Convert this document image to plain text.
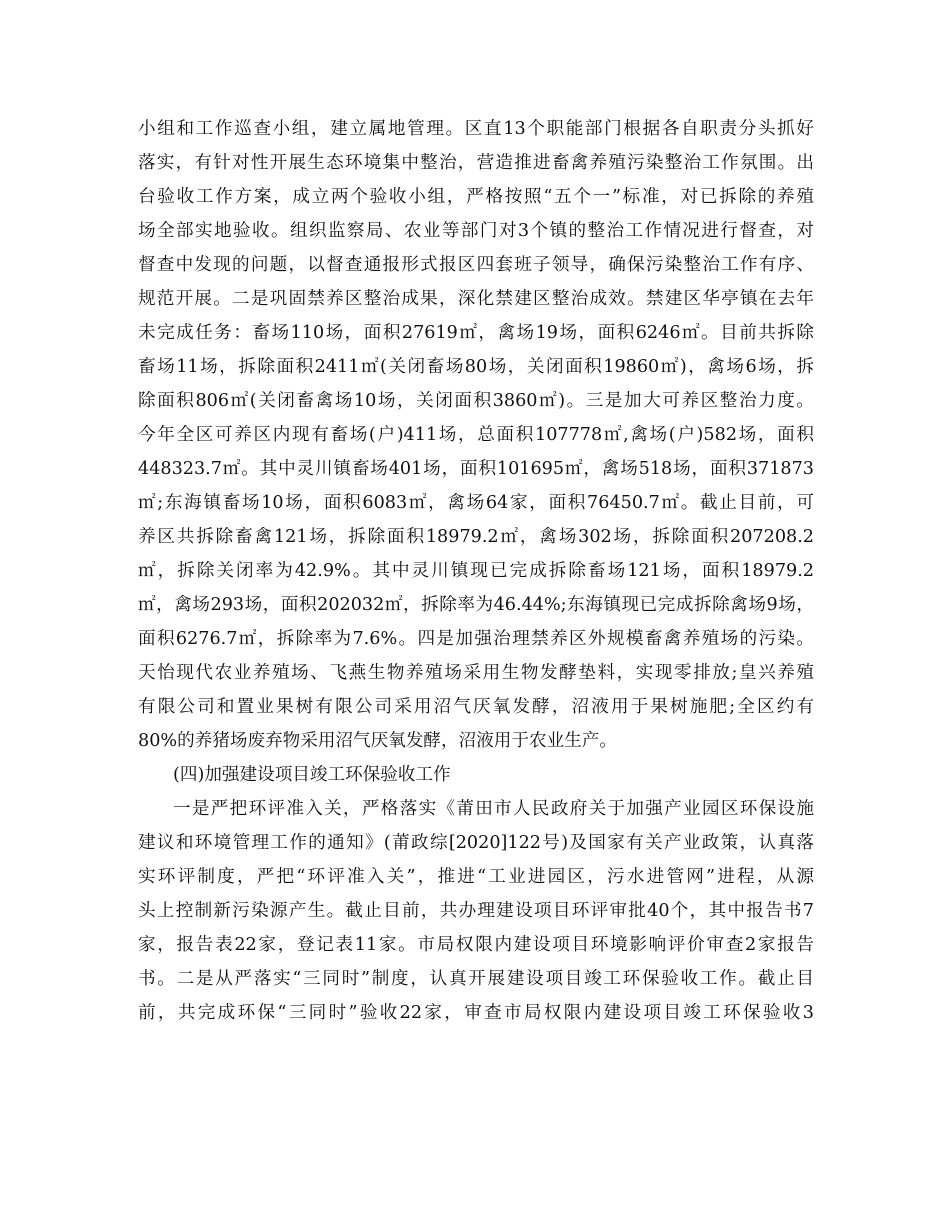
小组和工作巡查小组，建立属地管理。区直13个职能部门根据各自职责分头抓好
落实，有针对性开展生态环境集中整治，营造推进畜禽养殖污染整治工作氛围。出
台验收工作方案，成立两个验收小组，严格按照“五个一”标准，对已拆除的养殖
场全部实地验收。组织监察局、农业等部门对3个镇的整治工作情况进行督查，对
督查中发现的问题，以督查通报形式报区四套班子领导，确保污染整治工作有序、
规范开展。二是巩固禁养区整治成果，深化禁建区整治成效。禁建区华亭镇在去年
未完成任务：畜场110场，面积27619㎡，禽场19场，面积6246㎡。目前共拆除
畜场11场，拆除面积2411㎡(关闭畜场80场，关闭面积19860㎡)，禽场6场，拆
除面积806㎡(关闭畜禽场10场，关闭面积3860㎡)。三是加大可养区整治力度。
今年全区可养区内现有畜场(户)411场，总面积107778㎡,禽场(户)582场，面积
448323.7㎡。其中灵川镇畜场401场，面积101695㎡，禽场518场，面积371873
㎡;东海镇畜场10场，面积6083㎡，禽场64家，面积76450.7㎡。截止目前，可
养区共拆除畜禽121场，拆除面积18979.2㎡，禽场302场，拆除面积207208.2
㎡，拆除关闭率为42.9%。其中灵川镇现已完成拆除畜场121场，面积18979.2
㎡，禽场293场，面积202032㎡，拆除率为46.44%;东海镇现已完成拆除禽场9场，
面积6276.7㎡，拆除率为7.6%。四是加强治理禁养区外规模畜禽养殖场的污染。
天怡现代农业养殖场、飞燕生物养殖场采用生物发酵垫料，实现零排放;皇兴养殖
有限公司和置业果树有限公司采用沼气厌氧发酵，沼液用于果树施肥;全区约有
80%的养猪场废弃物采用沼气厌氧发酵，沼液用于农业生产。
(四)加强建设项目竣工环保验收工作
一是严把环评准入关，严格落实《莆田市人民政府关于加强产业园区环保设施
建议和环境管理工作的通知》(莆政综[2020]122号)及国家有关产业政策，认真落
实环评制度，严把“环评准入关”，推进“工业进园区，污水进管网”进程，从源
头上控制新污染源产生。截止目前，共办理建设项目环评审批40个，其中报告书7
家，报告表22家，登记表11家。市局权限内建设项目环境影响评价审查2家报告
书。二是从严落实“三同时”制度，认真开展建设项目竣工环保验收工作。截止目
前，共完成环保“三同时”验收22家，审查市局权限内建设项目竣工环保验收3
